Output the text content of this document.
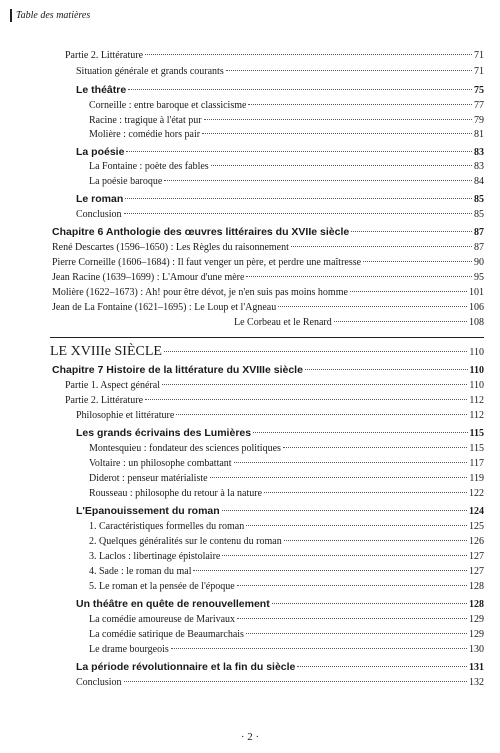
Table des matières
Partie 2. Littérature	71
Situation générale et grands courants	71
Le théâtre	75
Corneille : entre baroque et classicisme	77
Racine : tragique à l'état pur	79
Molière : comédie hors pair	81
La poésie	83
La Fontaine : poète des fables	83
La poésie baroque	84
Le roman	85
Conclusion	85
Chapitre 6 Anthologie des œuvres littéraires du XVIIe siècle	87
René Descartes (1596–1650) : Les Règles du raisonnement	87
Pierre Corneille (1606–1684) : Il faut venger un père, et perdre une maîtresse	90
Jean Racine (1639–1699) : L'Amour d'une mère	95
Molière (1622–1673) : Ah! pour être dévot, je n'en suis pas moins homme	101
Jean de La Fontaine (1621–1695) : Le Loup et l'Agneau	106
Le Corbeau et le Renard	108
LE XVIIIe SIÈCLE	110
Chapitre 7 Histoire de la littérature du XVIIIe siècle	110
Partie 1. Aspect général	110
Partie 2. Littérature	112
Philosophie et littérature	112
Les grands écrivains des Lumières	115
Montesquieu : fondateur des sciences politiques	115
Voltaire : un philosophe combattant	117
Diderot : penseur matérialiste	119
Rousseau : philosophe du retour à la nature	122
L'Epanouissement du roman	124
1. Caractéristiques formelles du roman	125
2. Quelques généralités sur le contenu du roman	126
3. Laclos : libertinage épistolaire	127
4. Sade : le roman du mal	127
5. Le roman et la pensée de l'époque	128
Un théâtre en quête de renouvellement	128
La comédie amoureuse de Marivaux	129
La comédie satirique de Beaumarchais	129
Le drame bourgeois	130
La période révolutionnaire et la fin du siècle	131
Conclusion	132
· 2 ·
